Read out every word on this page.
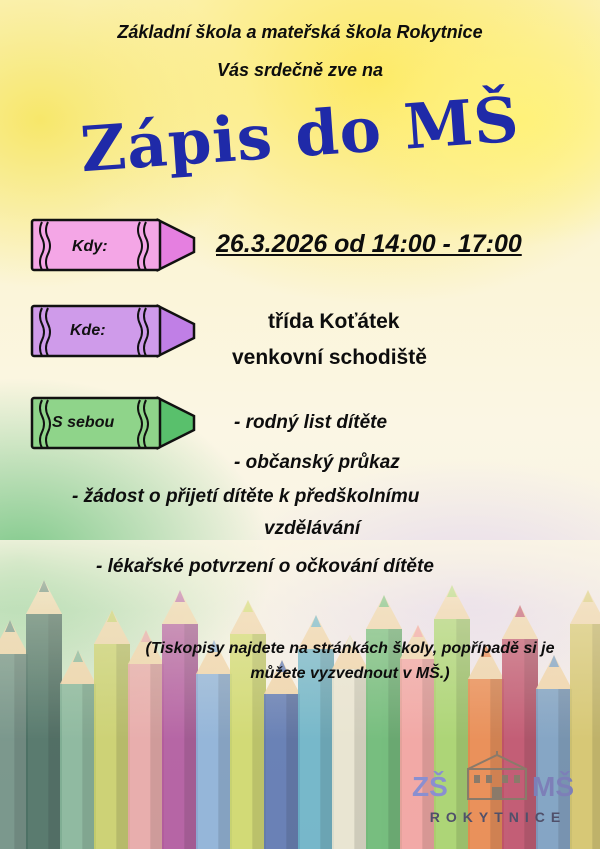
Základní škola a mateřská škola Rokytnice
Vás srdečně zve na
Zápis do MŠ
Kdy:	26.3.2026 od 14:00 - 17:00
Kde:	třída Koťátek
venkovní schodiště
S sebou	- rodný list dítěte
- občanský průkaz
- žádost o přijetí dítěte k předškolnímu
vzdělávání
- lékařské potvrzení o očkování dítěte
(Tiskopisy najdete na stránkách školy, popřípadě si je můžete vyzvednout v MŠ.)
ZŠ	MŠ
ROKYTNICE
